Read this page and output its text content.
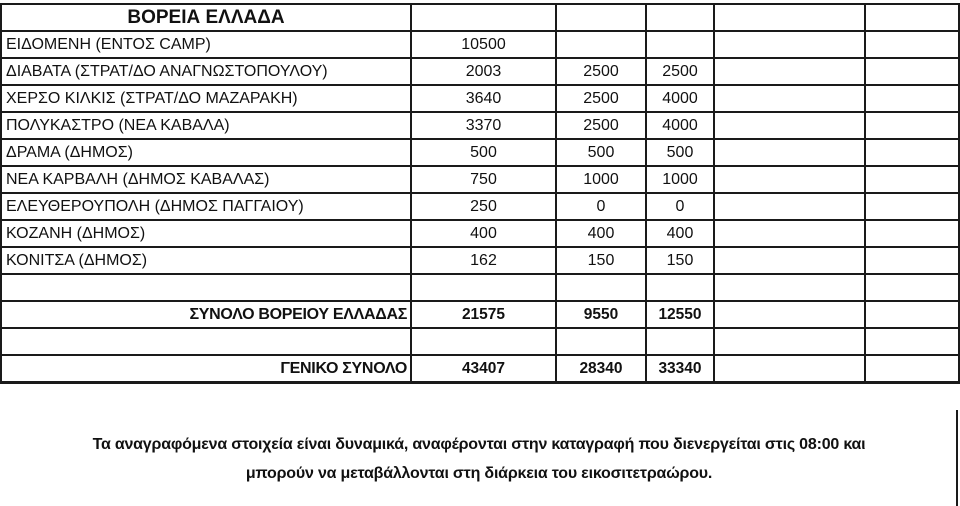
ΒΟΡΕΙΑ ΕΛΛΑΔΑ					
ΕΙΔΟΜΕΝΗ (ΕΝΤΟΣ CAMP)	10500				
ΔΙΑΒΑΤΑ (ΣΤΡΑΤ/ΔΟ ΑΝΑΓΝΩΣΤΟΠΟΥΛΟΥ)	2003	2500	2500		
ΧΕΡΣΟ ΚΙΛΚΙΣ (ΣΤΡΑΤ/ΔΟ ΜΑΖΑΡΑΚΗ)	3640	2500	4000		
ΠΟΛΥΚΑΣΤΡΟ (ΝΕΑ ΚΑΒΑΛΑ)	3370	2500	4000		
ΔΡΑΜΑ (ΔΗΜΟΣ)	500	500	500		
ΝΕΑ ΚΑΡΒΑΛΗ (ΔΗΜΟΣ ΚΑΒΑΛΑΣ)	750	1000	1000		
ΕΛΕΥΘΕΡΟΥΠΟΛΗ (ΔΗΜΟΣ ΠΑΓΓΑΙΟΥ)	250	0	0		
ΚΟΖΑΝΗ (ΔΗΜΟΣ)	400	400	400		
ΚΟΝΙΤΣΑ (ΔΗΜΟΣ)	162	150	150		

ΣΥΝΟΛΟ ΒΟΡΕΙΟΥ ΕΛΛΑΔΑΣ	21575	9550	12550		

ΓΕΝΙΚΟ ΣΥΝΟΛΟ	43407	28340	33340		
Τα αναγραφόμενα στοιχεία είναι δυναμικά, αναφέρονται στην καταγραφή που διενεργείται στις 08:00 και
μπορούν να μεταβάλλονται στη διάρκεια του εικοσιτετραώρου.
